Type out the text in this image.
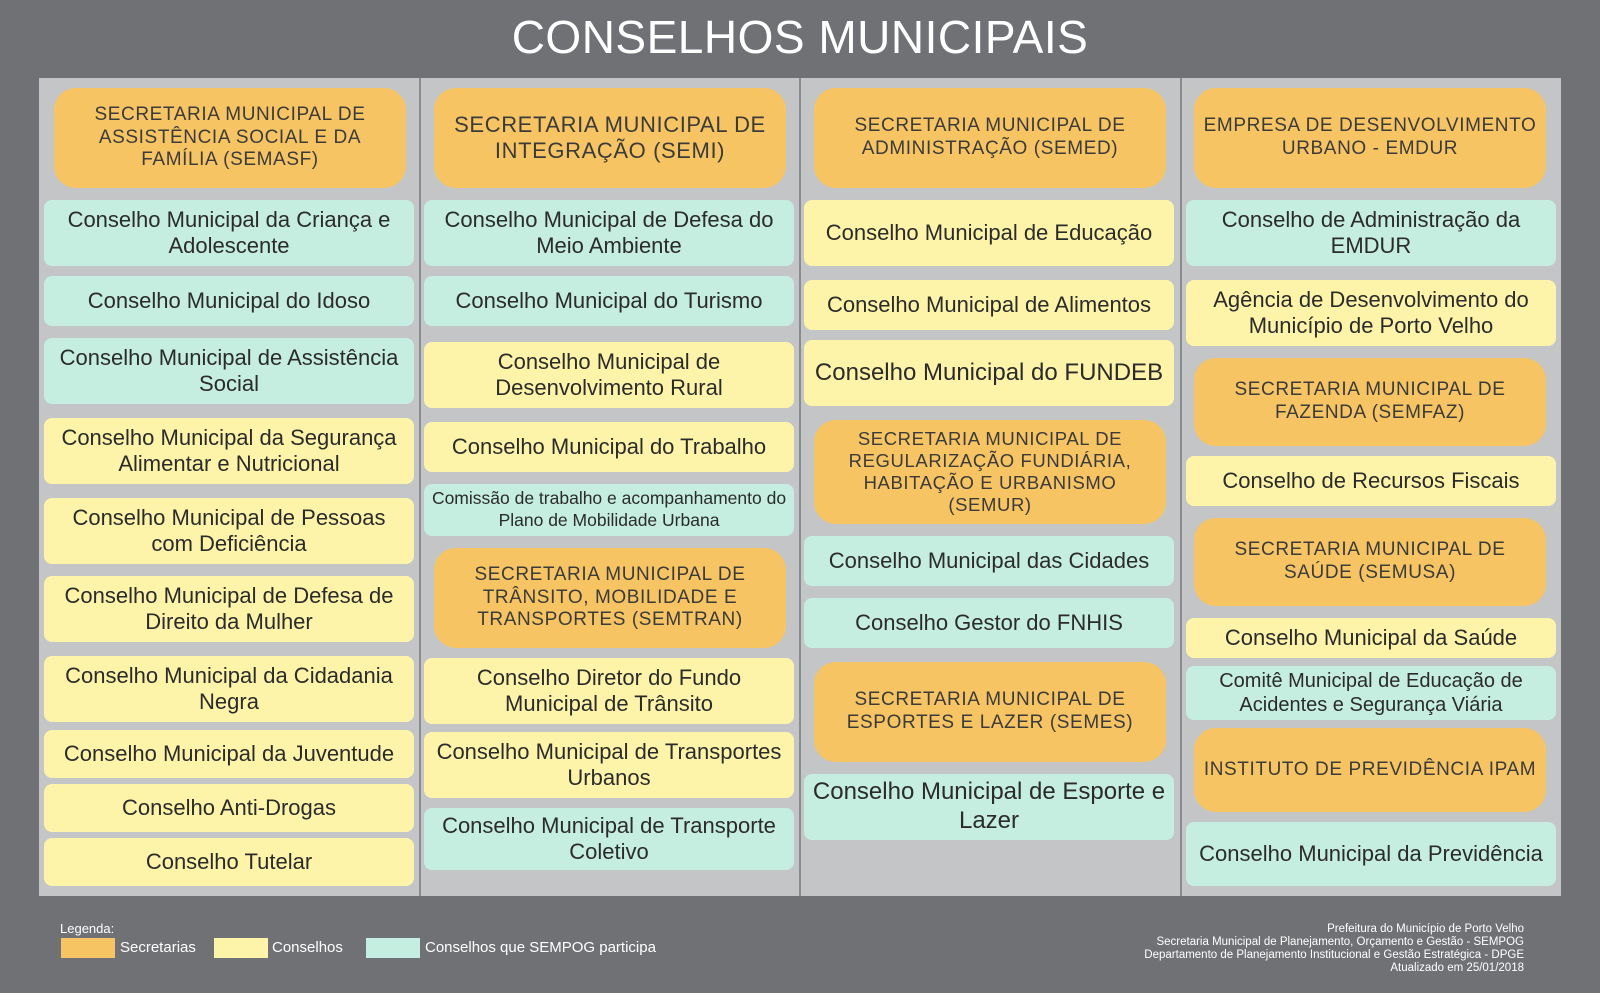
CONSELHOS MUNICIPAIS
SECRETARIA MUNICIPAL DE ASSISTÊNCIA SOCIAL E DA FAMÍLIA (SEMASF)
Conselho Municipal da Criança e Adolescente
Conselho Municipal do Idoso
Conselho Municipal de Assistência Social
Conselho Municipal da Segurança Alimentar e Nutricional
Conselho Municipal de Pessoas com Deficiência
Conselho Municipal de Defesa de Direito da Mulher
Conselho Municipal da Cidadania Negra
Conselho Municipal da Juventude
Conselho Anti-Drogas
Conselho Tutelar
SECRETARIA MUNICIPAL DE INTEGRAÇÃO (SEMI)
Conselho Municipal de Defesa do Meio Ambiente
Conselho Municipal do Turismo
Conselho Municipal de Desenvolvimento Rural
Conselho Municipal do Trabalho
Comissão de trabalho e acompanhamento do Plano de Mobilidade Urbana
SECRETARIA MUNICIPAL DE TRÂNSITO, MOBILIDADE E TRANSPORTES (SEMTRAN)
Conselho Diretor do Fundo Municipal de Trânsito
Conselho Municipal de Transportes Urbanos
Conselho Municipal de Transporte Coletivo
SECRETARIA MUNICIPAL DE ADMINISTRAÇÃO (SEMED)
Conselho Municipal de Educação
Conselho Municipal de Alimentos
Conselho Municipal do FUNDEB
SECRETARIA MUNICIPAL DE REGULARIZAÇÃO FUNDIÁRIA, HABITAÇÃO E URBANISMO (SEMUR)
Conselho Municipal das Cidades
Conselho Gestor do FNHIS
SECRETARIA MUNICIPAL DE ESPORTES E LAZER (SEMES)
Conselho Municipal de Esporte e Lazer
EMPRESA DE DESENVOLVIMENTO URBANO - EMDUR
Conselho de Administração da EMDUR
Agência de Desenvolvimento do Município de Porto Velho
SECRETARIA MUNICIPAL DE FAZENDA (SEMFAZ)
Conselho de Recursos Fiscais
SECRETARIA MUNICIPAL DE SAÚDE (SEMUSA)
Conselho Municipal da Saúde
Comitê Municipal de Educação de Acidentes e Segurança Viária
INSTITUTO DE PREVIDÊNCIA IPAM
Conselho Municipal da Previdência
Legenda:
Secretarias	Conselhos	Conselhos que SEMPOG participa
Prefeitura do Município de Porto Velho
Secretaria Municipal de Planejamento, Orçamento e Gestão - SEMPOG
Departamento de Planejamento Institucional e Gestão Estratégica - DPGE
Atualizado em 25/01/2018
